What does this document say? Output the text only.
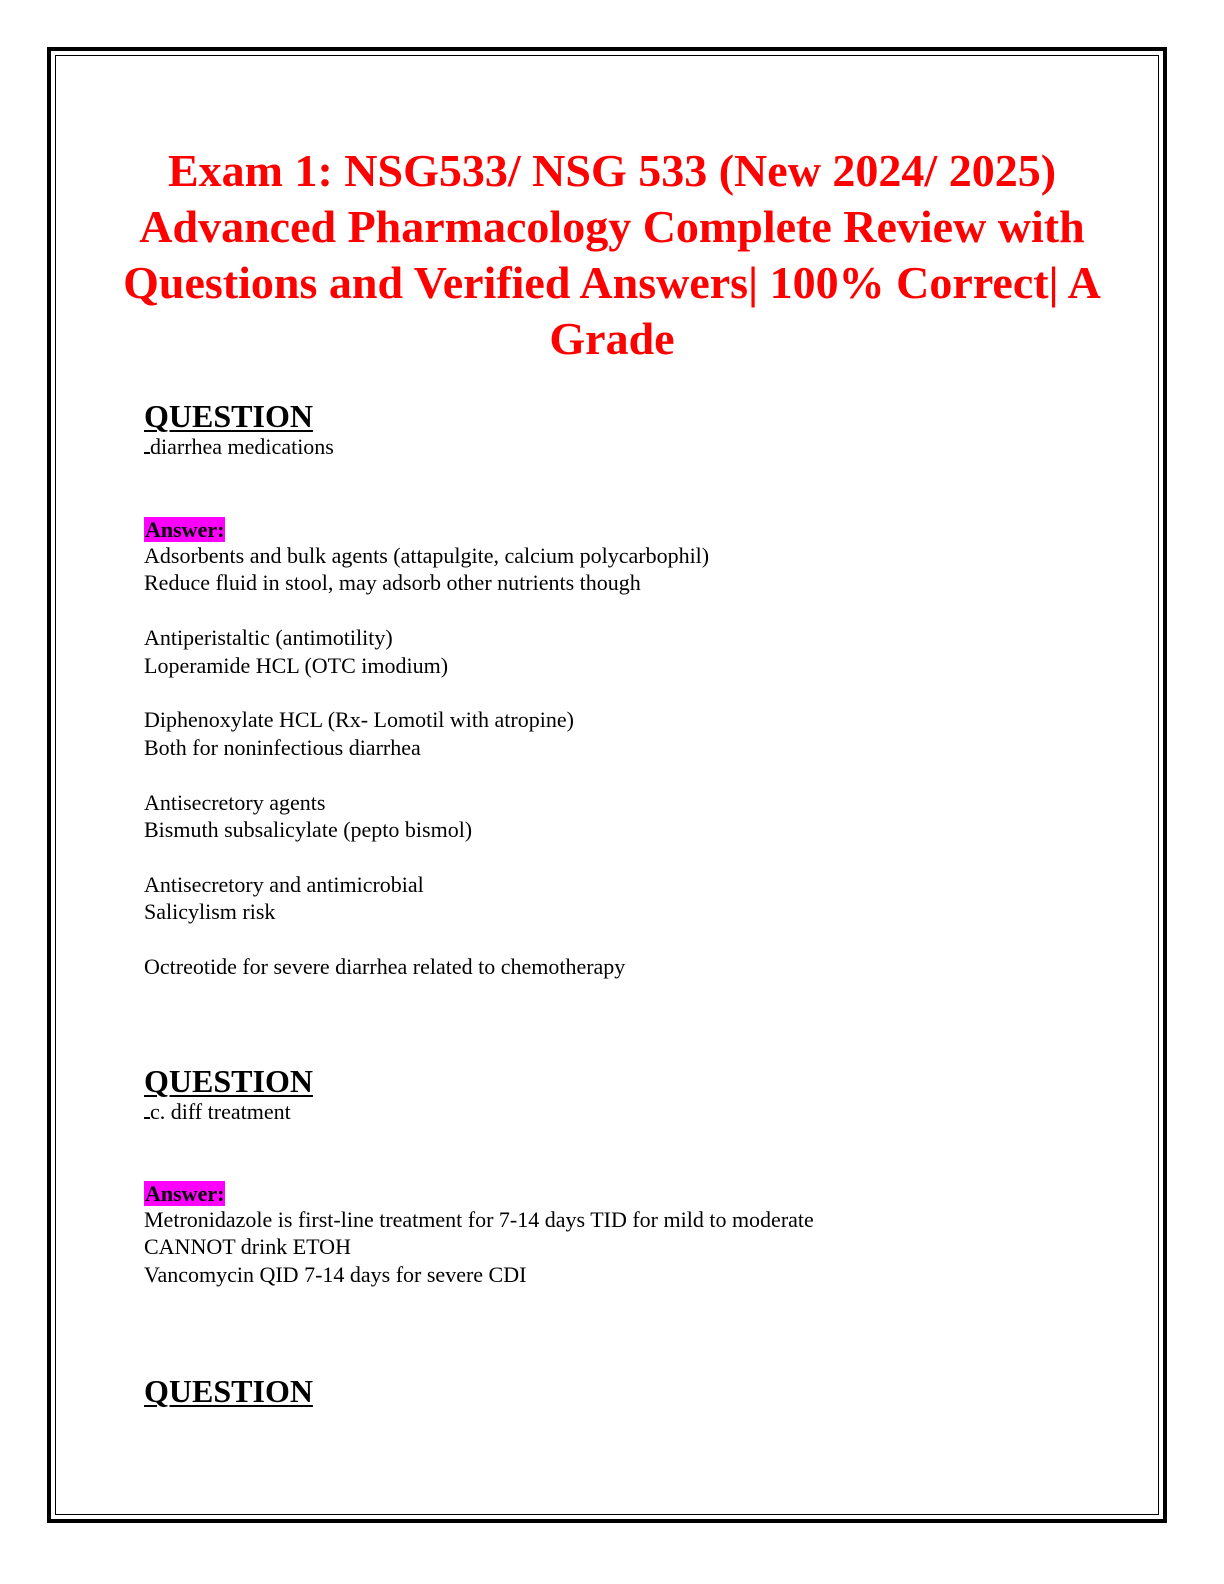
Exam 1: NSG533/ NSG 533 (New 2024/ 2025) Advanced Pharmacology Complete Review with Questions and Verified Answers| 100% Correct| A Grade

QUESTION

diarrhea medications

Answer:
Adsorbents and bulk agents (attapulgite, calcium polycarbophil)
Reduce fluid in stool, may adsorb other nutrients though
Antiperistaltic (antimotility)
Loperamide HCL (OTC imodium)
Diphenoxylate HCL (Rx- Lomotil with atropine)
Both for noninfectious diarrhea
Antisecretory agents
Bismuth subsalicylate (pepto bismol)
Antisecretory and antimicrobial
Salicylism risk
Octreotide for severe diarrhea related to chemotherapy

QUESTION

c. diff treatment

Answer:
Metronidazole is first-line treatment for 7-14 days TID for mild to moderate
CANNOT drink ETOH
Vancomycin QID 7-14 days for severe CDI

QUESTION
